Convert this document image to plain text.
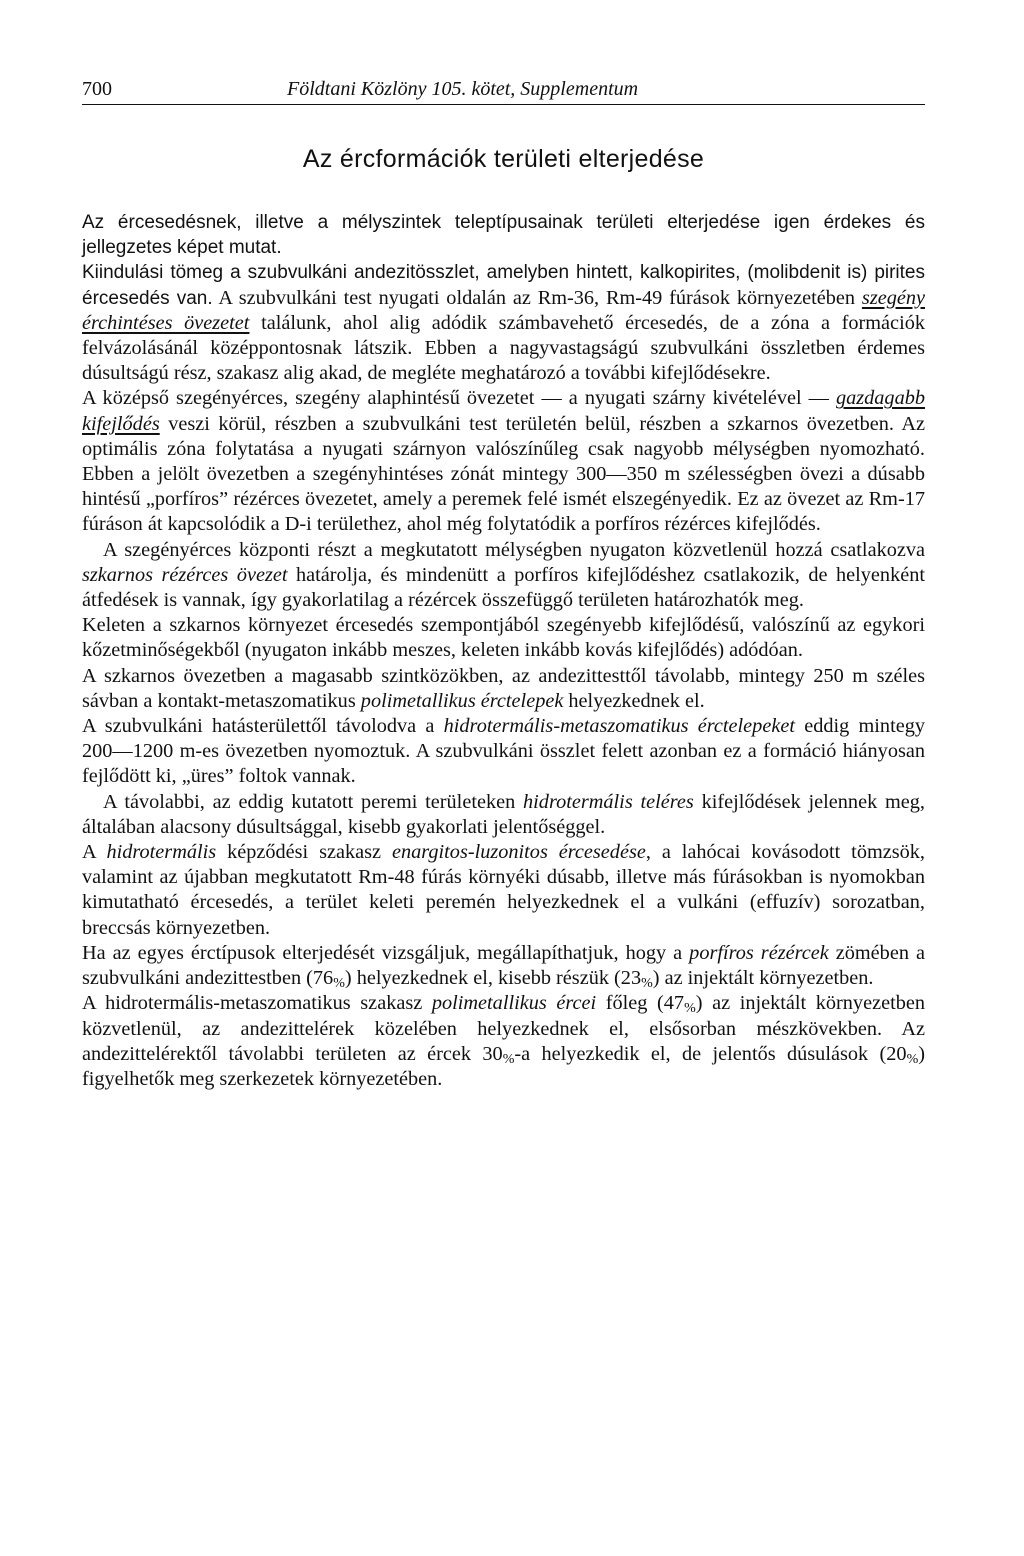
700	Földtani Közlöny 105. kötet, Supplementum
Az ércformációk területi elterjedése

Az ércesedésnek, illetve a mélyszintek teleptípusainak területi elterjedése igen érdekes és jellegzetes képet mutat.

Kiindulási tömeg a szubvulkáni andezitösszlet, amelyben hintett, kalkopirites, (molibdenit is) pirites ércesedés van. A szubvulkáni test nyugati oldalán az Rm-36, Rm-49 fúrások környezetében szegény érchintéses övezetet találunk, ahol alig adódik számbavehető ércesedés, de a zóna a formációk felvázolásánál középpontosnak látszik. Ebben a nagyvastagságú szubvulkáni összletben érdemes dúsultságú rész, szakasz alig akad, de megléte meghatározó a további kifejlődésekre.

A középső szegényérces, szegény alaphintésű övezetet — a nyugati szárny kivételével — gazdagabb kifejlődés veszi körül, részben a szubvulkáni test területén belül, részben a szkarnos övezetben. Az optimális zóna folytatása a nyugati szárnyon valószínűleg csak nagyobb mélységben nyomozható. Ebben a jelölt övezetben a szegényhintéses zónát mintegy 300—350 m szélességben övezi a dúsabb hintésű „porfíros” rézérces övezetet, amely a peremek felé ismét elszegényedik. Ez az övezet az Rm-17 fúráson át kapcsolódik a D-i területhez, ahol még folytatódik a porfíros rézérces kifejlődés.

A szegényérces központi részt a megkutatott mélységben nyugaton közvetlenül hozzá csatlakozva szkarnos rézérces övezet határolja, és mindenütt a porfíros kifejlődéshez csatlakozik, de helyenként átfedések is vannak, így gyakorlatilag a rézércek összefüggő területen határozhatók meg.

Keleten a szkarnos környezet ércesedés szempontjából szegényebb kifejlődésű, valószínű az egykori kőzetminőségekből (nyugaton inkább meszes, keleten inkább kovás kifejlődés) adódóan.

A szkarnos övezetben a magasabb szintközökben, az andezittesttől távolabb, mintegy 250 m széles sávban a kontakt-metaszomatikus polimetallikus érctelepek helyezkednek el.

A szubvulkáni hatásterülettől távolodva a hidrotermális-metaszomatikus érctelepeket eddig mintegy 200—1200 m-es övezetben nyomoztuk. A szubvulkáni összlet felett azonban ez a formáció hiányosan fejlődött ki, „üres” foltok vannak.

A távolabbi, az eddig kutatott peremi területeken hidrotermális teléres kifejlődések jelennek meg, általában alacsony dúsultsággal, kisebb gyakorlati jelentőséggel.

A hidrotermális képződési szakasz enargitos-luzonitos ércesedése, a lahócai kovásodott tömzsök, valamint az újabban megkutatott Rm-48 fúrás környéki dúsabb, illetve más fúrásokban is nyomokban kimutatható ércesedés, a terület keleti peremén helyezkednek el a vulkáni (effuzív) sorozatban, breccsás környezetben.

Ha az egyes érctípusok elterjedését vizsgáljuk, megállapíthatjuk, hogy a porfíros rézércek zömében a szubvulkáni andezittestben $(76_{\%})$ helyezkednek el, kisebb részük $(23_{\%})$ az injektált környezetben.

A hidrotermális-metaszomatikus szakasz polimetallikus ércei főleg $(47_{\%})$ az injektált környezetben közvetlenül, az andezittelérek közelében helyezkednek el, elsősorban mészkövekben. Az andezittelérektől távolabbi területen az ércek $30_{\%}-a$ helyezkedik el, de jelentős dúsulások $(20_{\%})$ figyelhetők meg szerkezetek környezetében.
